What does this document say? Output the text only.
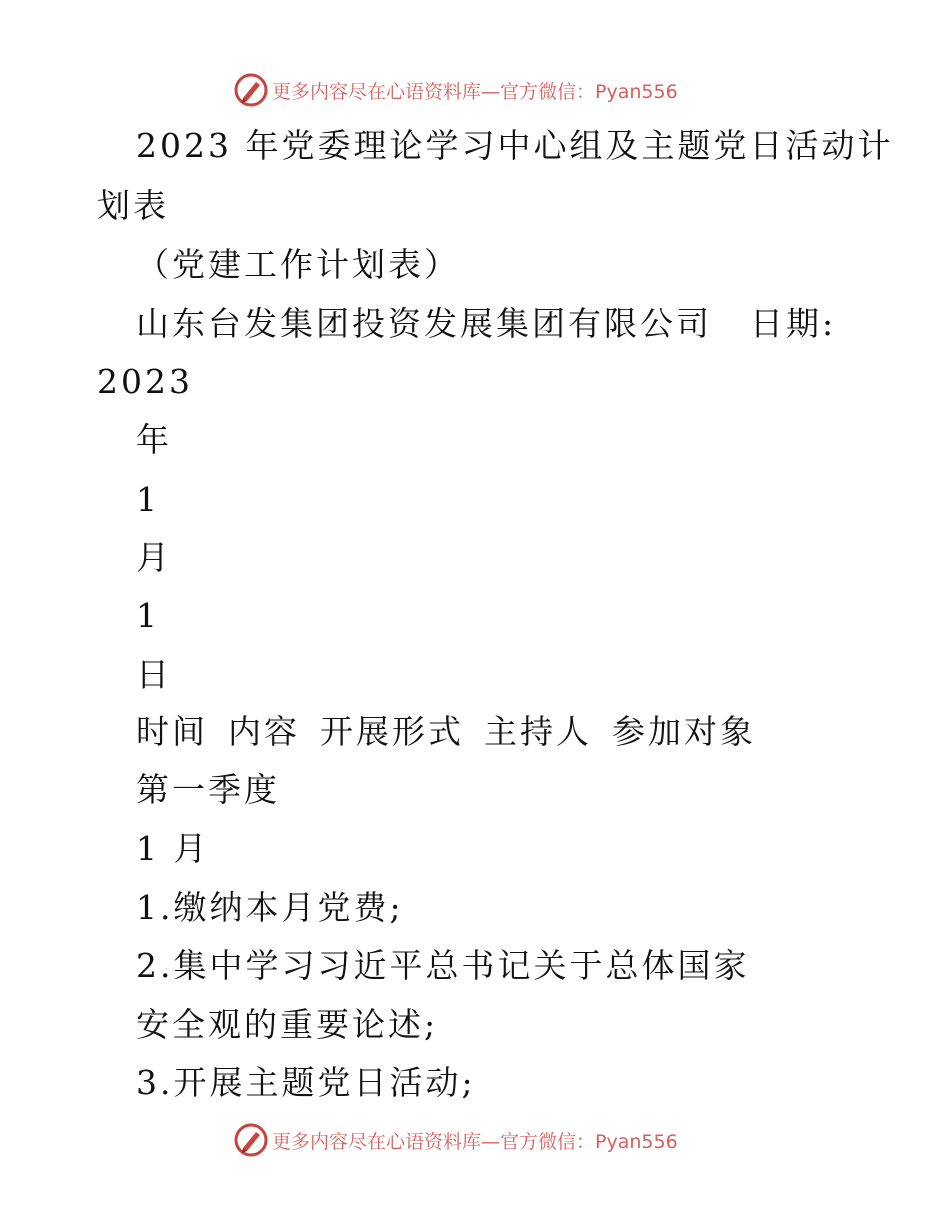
更多内容尽在心语资料库—官方微信：Pyan556
2023 年党委理论学习中心组及主题党日活动计
划表
（党建工作计划表）
山东台发集团投资发展集团有限公司 日期:
2023
年
1
月
1
日
时间 内容 开展形式 主持人 参加对象
第一季度
1 月
1.缴纳本月党费;
2.集中学习习近平总书记关于总体国家
安全观的重要论述;
3.开展主题党日活动;
更多内容尽在心语资料库—官方微信：Pyan556
